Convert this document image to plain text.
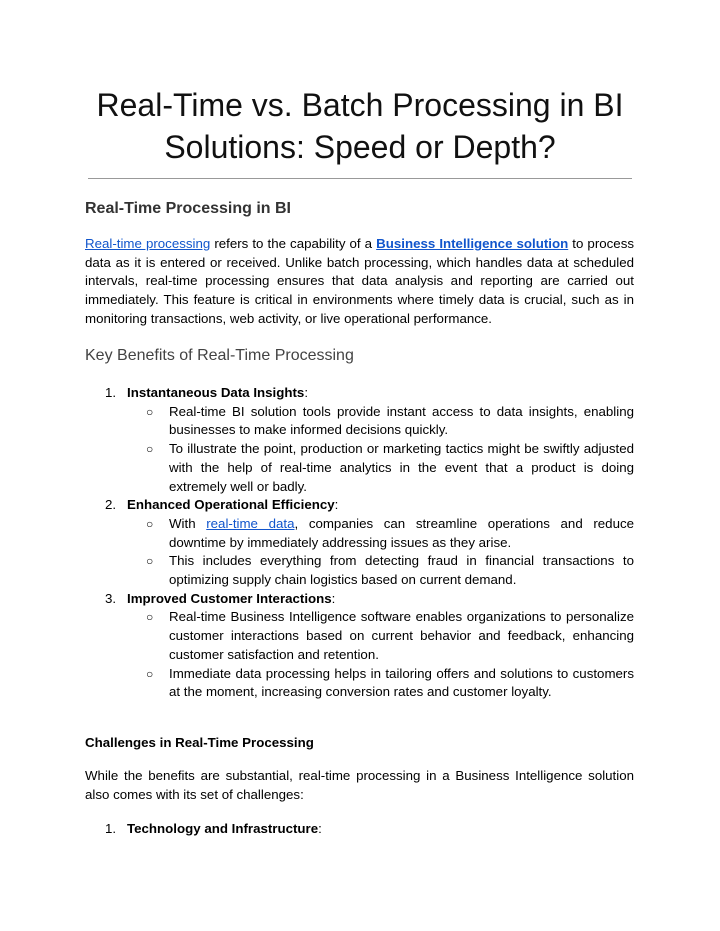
Real-Time vs. Batch Processing in BI Solutions: Speed or Depth?
Real-Time Processing in BI

Real-time processing refers to the capability of a Business Intelligence solution to process data as it is entered or received. Unlike batch processing, which handles data at scheduled intervals, real-time processing ensures that data analysis and reporting are carried out immediately. This feature is critical in environments where timely data is crucial, such as in monitoring transactions, web activity, or live operational performance.

Key Benefits of Real-Time Processing
1. Instantaneous Data Insights:
○ Real-time BI solution tools provide instant access to data insights, enabling businesses to make informed decisions quickly.
○ To illustrate the point, production or marketing tactics might be swiftly adjusted with the help of real-time analytics in the event that a product is doing extremely well or badly.
2. Enhanced Operational Efficiency:
○ With real-time data, companies can streamline operations and reduce downtime by immediately addressing issues as they arise.
○ This includes everything from detecting fraud in financial transactions to optimizing supply chain logistics based on current demand.
3. Improved Customer Interactions:
○ Real-time Business Intelligence software enables organizations to personalize customer interactions based on current behavior and feedback, enhancing customer satisfaction and retention.
○ Immediate data processing helps in tailoring offers and solutions to customers at the moment, increasing conversion rates and customer loyalty.
Challenges in Real-Time Processing

While the benefits are substantial, real-time processing in a Business Intelligence solution also comes with its set of challenges:

1. Technology and Infrastructure:
